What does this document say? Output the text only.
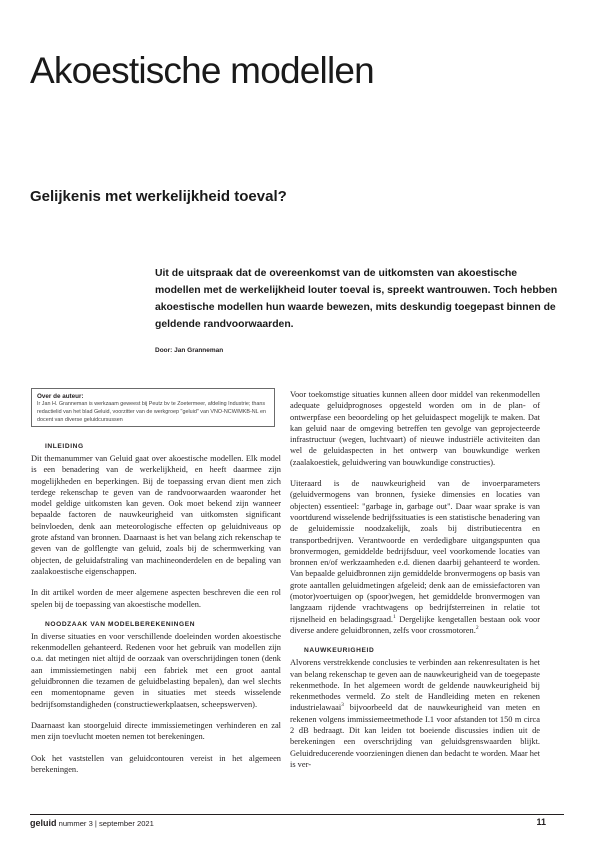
Akoestische modellen
Gelijkenis met werkelijkheid toeval?

Uit de uitspraak dat de overeenkomst van de uitkomsten van akoestische modellen met de werkelijkheid louter toeval is, spreekt wantrouwen. Toch hebben akoestische modellen hun waarde bewezen, mits deskundig toegepast binnen de geldende randvoorwaarden.

Door: Jan Granneman

Over de auteur:
Ir Jan H. Granneman is werkzaam geweest bij Peutz bv te Zoetermeer, afdeling Industrie; thans redactielid van het blad Geluid, voorzitter van de werkgroep "geluid" van VNO-NCW/MKB-NL en docent van diverse geluidcursussen
INLEIDING

Dit themanummer van Geluid gaat over akoestische modellen. Elk model is een benadering van de werkelijkheid, en heeft daarmee zijn mogelijkheden en beperkingen. Bij de toepassing ervan dient men zich terdege rekenschap te geven van de randvoorwaarden waaronder het model geldige uitkomsten kan geven. Ook moet bekend zijn wanneer bepaalde factoren de nauwkeurigheid van uitkomsten significant beïnvloeden, denk aan meteorologische effecten op geluidniveaus op grote afstand van bronnen. Daarnaast is het van belang zich rekenschap te geven van de golflengte van geluid, zoals bij de schermwerking van objecten, de geluidafstraling van machineonderdelen en de bepaling van zaalakoestische eigenschappen.

In dit artikel worden de meer algemene aspecten beschreven die een rol spelen bij de toepassing van akoestische modellen.

NOODZAAK VAN MODELBEREKENINGEN

In diverse situaties en voor verschillende doeleinden worden akoestische rekenmodellen gehanteerd. Redenen voor het gebruik van modellen zijn o.a. dat metingen niet altijd de oorzaak van overschrijdingen tonen (denk aan immissiemetingen nabij een fabriek met een groot aantal geluidbronnen die tezamen de geluidbelasting bepalen), dan wel slechts een momentopname geven in situaties met steeds wisselende bedrijfsomstandigheden (constructiewerkplaatsen, scheepswerven).

Daarnaast kan stoorgeluid directe immissiemetingen verhinderen en zal men zijn toevlucht moeten nemen tot berekeningen.

Ook het vaststellen van geluidcontouren vereist in het algemeen berekeningen.

Voor toekomstige situaties kunnen alleen door middel van rekenmodellen adequate geluidprognoses opgesteld worden om in de plan- of ontwerpfase een beoordeling op het geluidaspect mogelijk te maken. Dat kan geluid naar de omgeving betreffen ten gevolge van geprojecteerde infrastructuur (wegen, luchtvaart) of nieuwe industriële activiteiten dan wel de geluidaspecten in het ontwerp van bouwkundige werken (zaalakoestiek, geluidwering van bouwkundige constructies).

Uiteraard is de nauwkeurigheid van de invoerparameters (geluidvermogens van bronnen, fysieke dimensies en locaties van objecten) essentieel: "garbage in, garbage out". Daar waar sprake is van voortdurend wisselende bedrijfssituaties is een statistische benadering van de geluidemissie noodzakelijk, zoals bij distributiecentra en transportbedrijven. Verantwoorde en verdedigbare uitgangspunten qua bronvermogen, gemiddelde bedrijfsduur, veel voorkomende locaties van bronnen en/of werkzaamheden e.d. dienen daarbij gehanteerd te worden. Van bepaalde geluidbronnen zijn gemiddelde bronvermogens op basis van grote aantallen geluidmetingen afgeleid; denk aan de emissiefactoren van (motor)voertuigen op (spoor)wegen, het gemiddelde bronvermogen van langzaam rijdende vrachtwagens op bedrijfsterreinen in relatie tot rijsnelheid en beladingsgraad.$^1$ Dergelijke kengetallen bestaan ook voor diverse andere geluidbronnen, zelfs voor crossmotoren.$^2$

NAUWKEURIGHEID

Alvorens verstrekkende conclusies te verbinden aan rekenresultaten is het van belang rekenschap te geven aan de nauwkeurigheid van de toegepaste rekenmethode. In het algemeen wordt de geldende nauwkeurigheid bij rekenmethodes vermeld. Zo stelt de Handleiding meten en rekenen industrielawaai$^3$ bijvoorbeeld dat de nauwkeurigheid van meten en rekenen volgens immissiemeetmethode I.1 voor afstanden tot 150 m circa 2 dB bedraagt. Dit kan leiden tot boeiende discussies indien uit de berekeningen een overschrijding van geluidsgrenswaarden blijkt. Geluidreducerende voorzieningen dienen dan bedacht te worden. Maar het is ver-

geluid nummer 3 | september 2021	11
